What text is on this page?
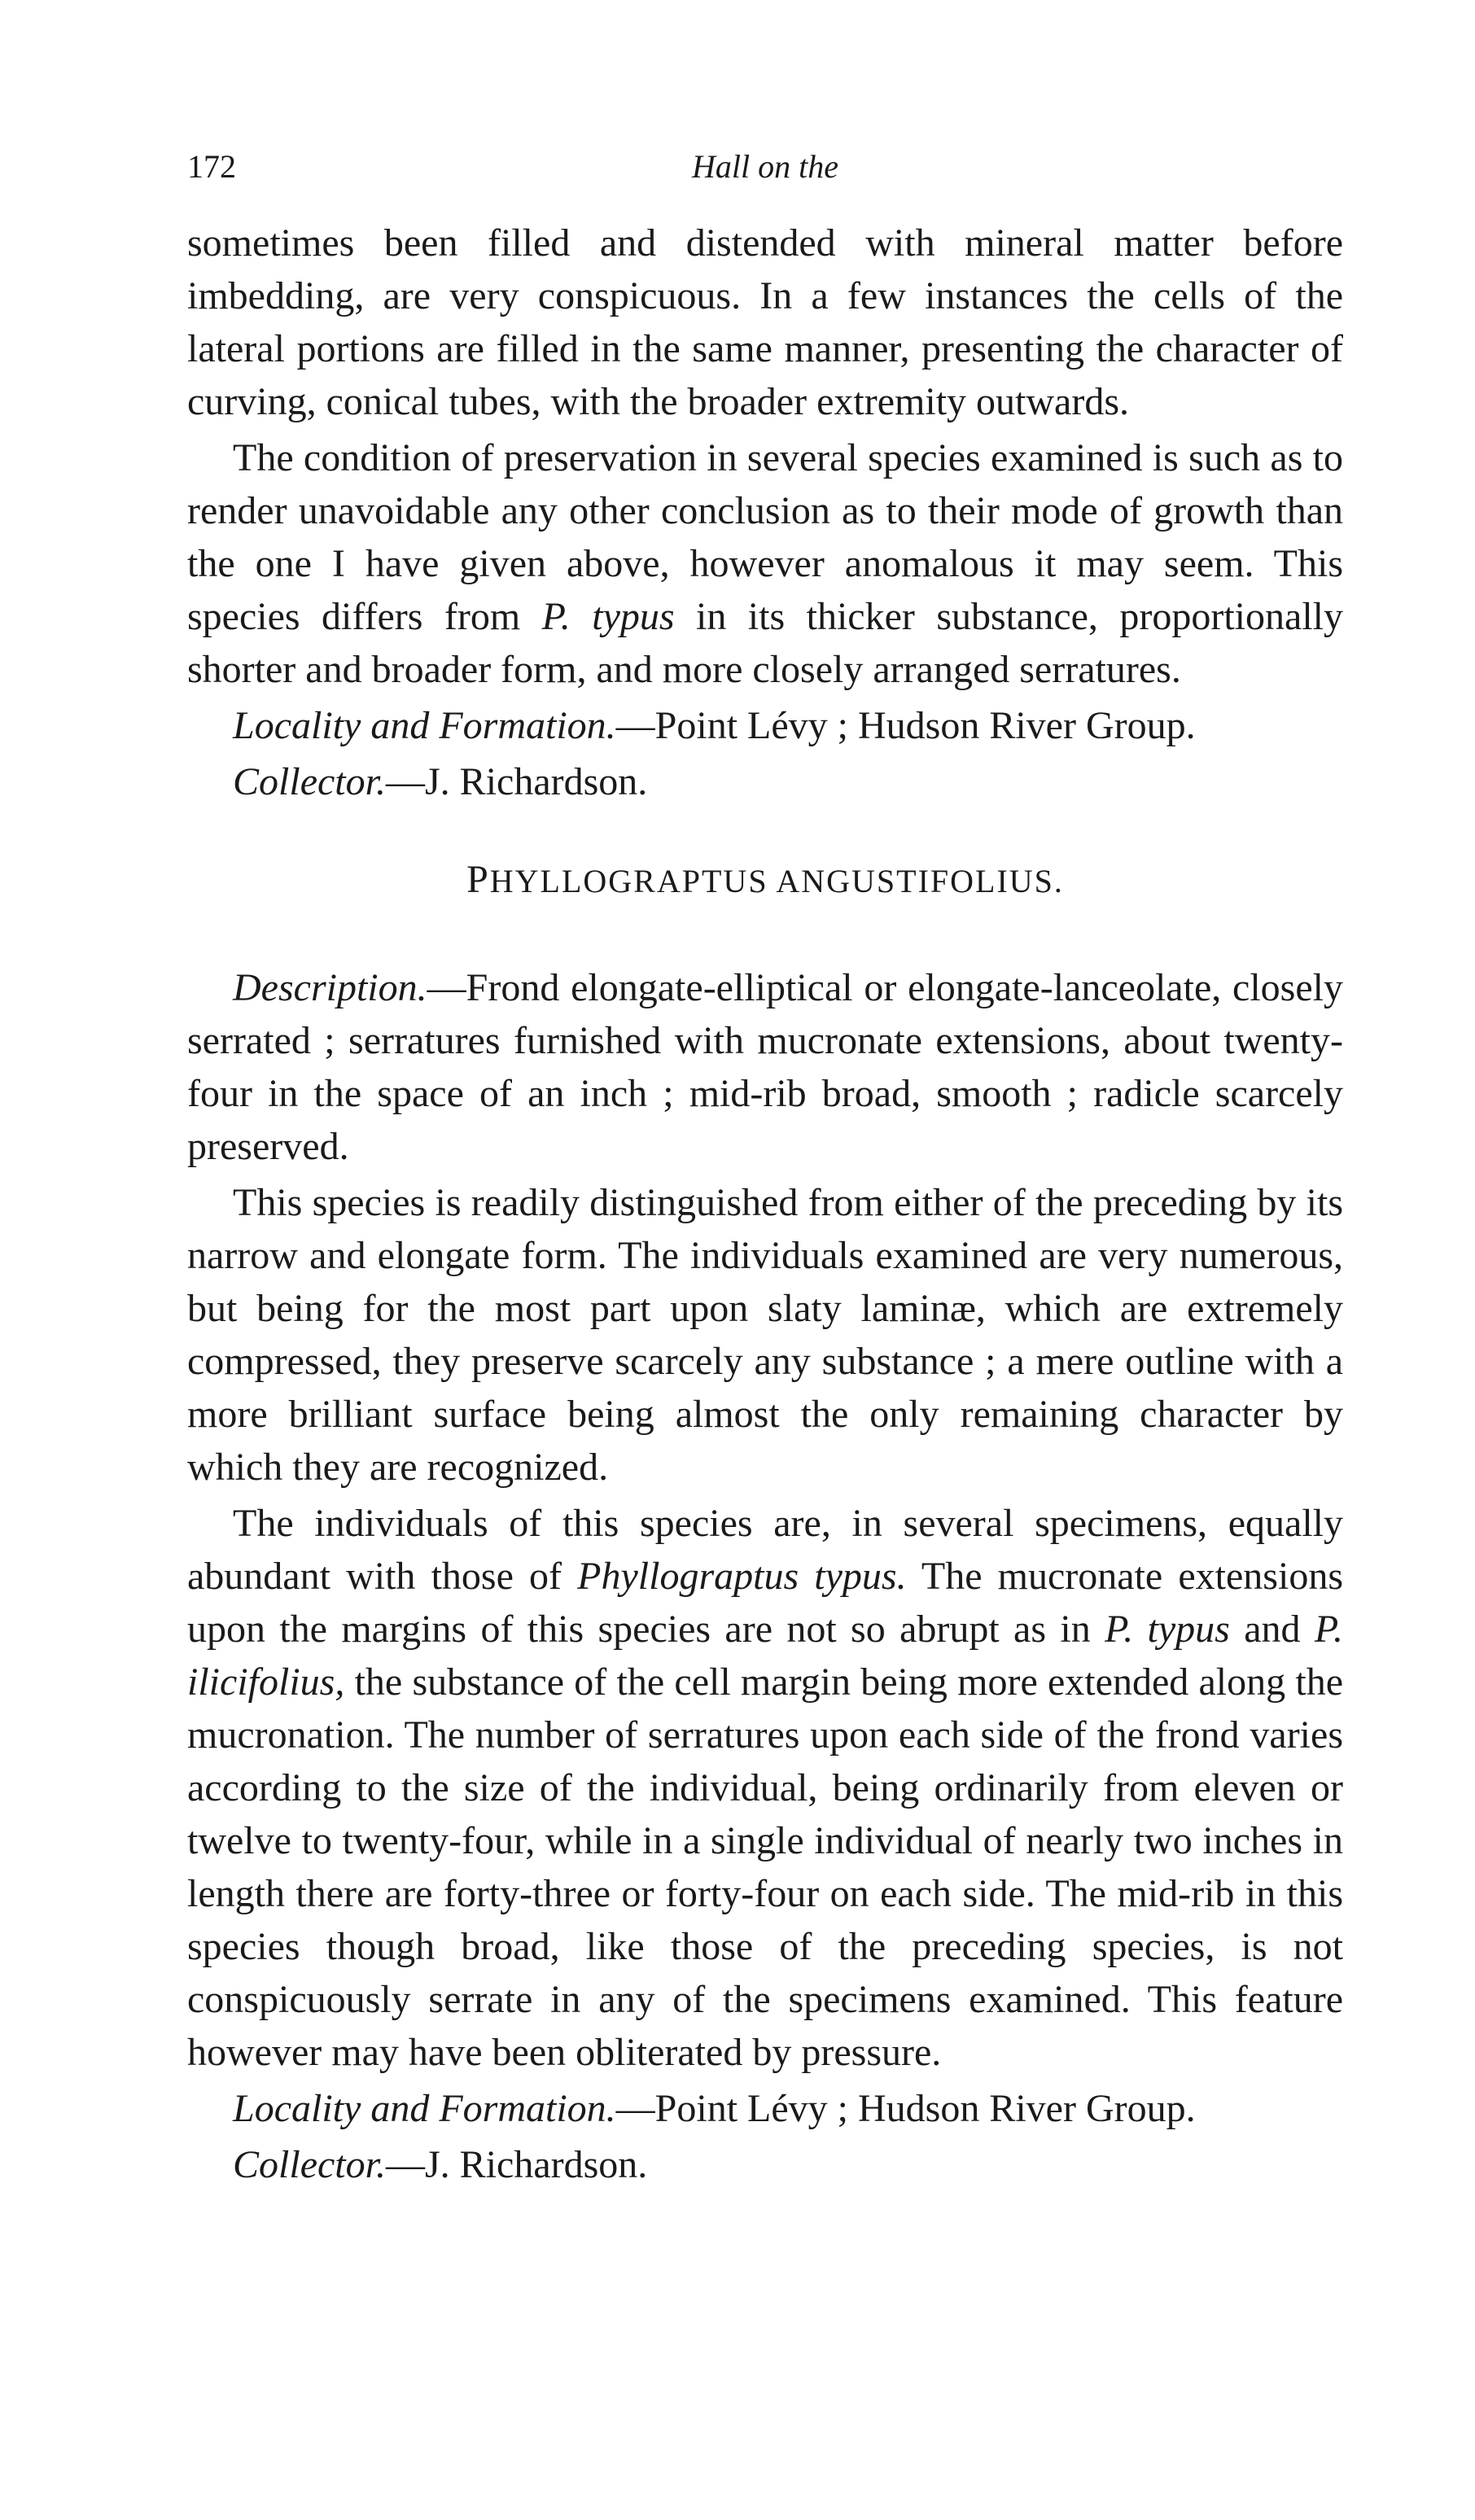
172	Hall on the

sometimes been filled and distended with mineral matter before imbedding, are very conspicuous. In a few instances the cells of the lateral portions are filled in the same manner, presenting the character of curving, conical tubes, with the broader extremity outwards.

The condition of preservation in several species examined is such as to render unavoidable any other conclusion as to their mode of growth than the one I have given above, however anomalous it may seem. This species differs from P. typus in its thicker substance, proportionally shorter and broader form, and more closely arranged serratures.

Locality and Formation.—Point Lévy ; Hudson River Group.

Collector.—J. Richardson.

PHYLLOGRAPTUS ANGUSTIFOLIUS.

Description.—Frond elongate-elliptical or elongate-lanceolate, closely serrated ; serratures furnished with mucronate extensions, about twenty-four in the space of an inch ; mid-rib broad, smooth ; radicle scarcely preserved.

This species is readily distinguished from either of the preceding by its narrow and elongate form. The individuals examined are very numerous, but being for the most part upon slaty laminæ, which are extremely compressed, they preserve scarcely any substance ; a mere outline with a more brilliant surface being almost the only remaining character by which they are recognized.

The individuals of this species are, in several specimens, equally abundant with those of Phyllograptus typus. The mucronate extensions upon the margins of this species are not so abrupt as in P. typus and P. ilicifolius, the substance of the cell margin being more extended along the mucronation. The number of serratures upon each side of the frond varies according to the size of the individual, being ordinarily from eleven or twelve to twenty-four, while in a single individual of nearly two inches in length there are forty-three or forty-four on each side. The mid-rib in this species though broad, like those of the preceding species, is not conspicuously serrate in any of the specimens examined. This feature however may have been obliterated by pressure.

Locality and Formation.—Point Lévy ; Hudson River Group.

Collector.—J. Richardson.
